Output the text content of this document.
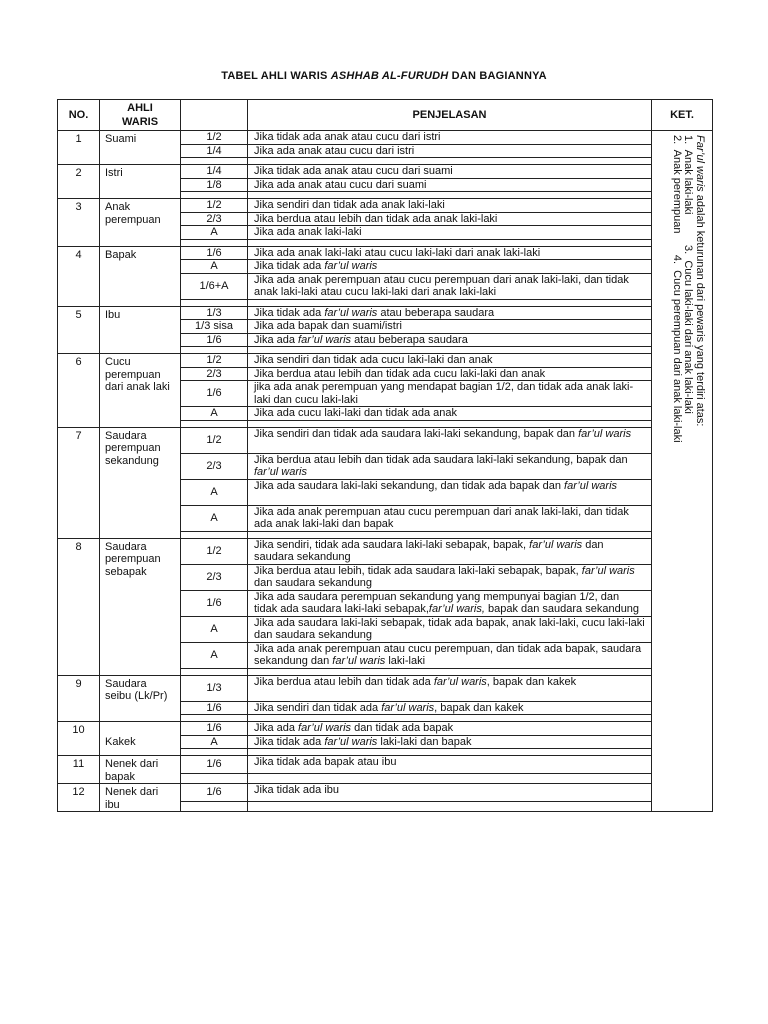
TABEL AHLI WARIS ASHHAB AL-FURUDH DAN BAGIANNYA
NO.	AHLI WARIS		PENJELASAN	KET.
1	Suami	1/2	Jika tidak ada anak atau cucu dari istri	Far’ul waris adalah keturunan dari pewaris yang terdiri atas:
1.  Anak laki-laki          3.  Cucu laki-laki dari anak laki-laki
2.  Anak perempuan       4.  Cucu perempuan dari anak laki-laki

		1/4	Jika ada anak atau cucu dari istri	

2	Istri	1/4	Jika tidak ada anak atau cucu dari suami	
		1/8	Jika ada anak atau cucu dari suami	

3	Anak perempuan	1/2	Jika sendiri dan tidak ada anak laki-laki	
		2/3	Jika berdua atau lebih dan tidak ada anak laki-laki	
		A	Jika ada anak laki-laki	

4	Bapak	1/6	Jika ada anak laki-laki atau cucu laki-laki dari anak laki-laki	
		A	Jika tidak ada far’ul waris	
		1/6+A	Jika ada anak perempuan atau cucu perempuan dari anak laki-laki, dan tidak anak laki-laki atau cucu laki-laki dari anak laki-laki	

5	Ibu	1/3	Jika tidak ada far’ul waris atau beberapa saudara	
		1/3 sisa	Jika ada bapak dan suami/istri	
		1/6	Jika ada far’ul waris atau beberapa saudara	

6	Cucu perempuan dari anak laki	1/2	Jika sendiri dan tidak ada cucu laki-laki dan anak	
		2/3	Jika berdua atau lebih dan tidak ada cucu laki-laki dan anak	
		1/6	jika ada anak perempuan yang mendapat bagian 1/2, dan tidak ada anak laki-laki dan cucu laki-laki	
		A	Jika ada cucu laki-laki dan tidak ada anak	

7	Saudara perempuan sekandung	1/2	Jika sendiri dan tidak ada saudara laki-laki sekandung, bapak dan far’ul waris	
		2/3	Jika berdua atau lebih dan tidak ada saudara laki-laki sekandung, bapak dan far’ul waris	
		A	Jika ada saudara laki-laki sekandung, dan tidak ada bapak dan far’ul waris	
		A	Jika ada anak perempuan atau cucu perempuan dari anak laki-laki, dan tidak ada anak laki-laki dan bapak	

8	Saudara perempuan sebapak	1/2	Jika sendiri, tidak ada saudara laki-laki sebapak, bapak, far’ul waris dan saudara sekandung	
		2/3	Jika berdua atau lebih, tidak ada saudara laki-laki sebapak, bapak, far’ul waris dan saudara sekandung	
		1/6	Jika ada saudara perempuan sekandung yang mempunyai bagian 1/2, dan tidak ada saudara laki-laki sebapak,far’ul waris, bapak dan saudara sekandung	
		A	Jika ada saudara laki-laki sebapak, tidak ada bapak, anak laki-laki, cucu laki-laki dan saudara sekandung	
		A	Jika ada anak perempuan atau cucu perempuan, dan tidak ada bapak, saudara sekandung dan far’ul waris laki-laki	

9	Saudara seibu (Lk/Pr)	1/3	Jika berdua atau lebih dan tidak ada far’ul waris, bapak dan kakek	
		1/6	Jika sendiri dan tidak ada far’ul waris, bapak dan kakek	

10	Kakek	1/6	Jika ada far’ul waris dan tidak ada bapak	
		A	Jika tidak ada far’ul waris laki-laki dan bapak	

11	Nenek dari bapak	1/6	Jika tidak ada bapak atau ibu	

12	Nenek dari ibu	1/6	Jika tidak ada ibu	
